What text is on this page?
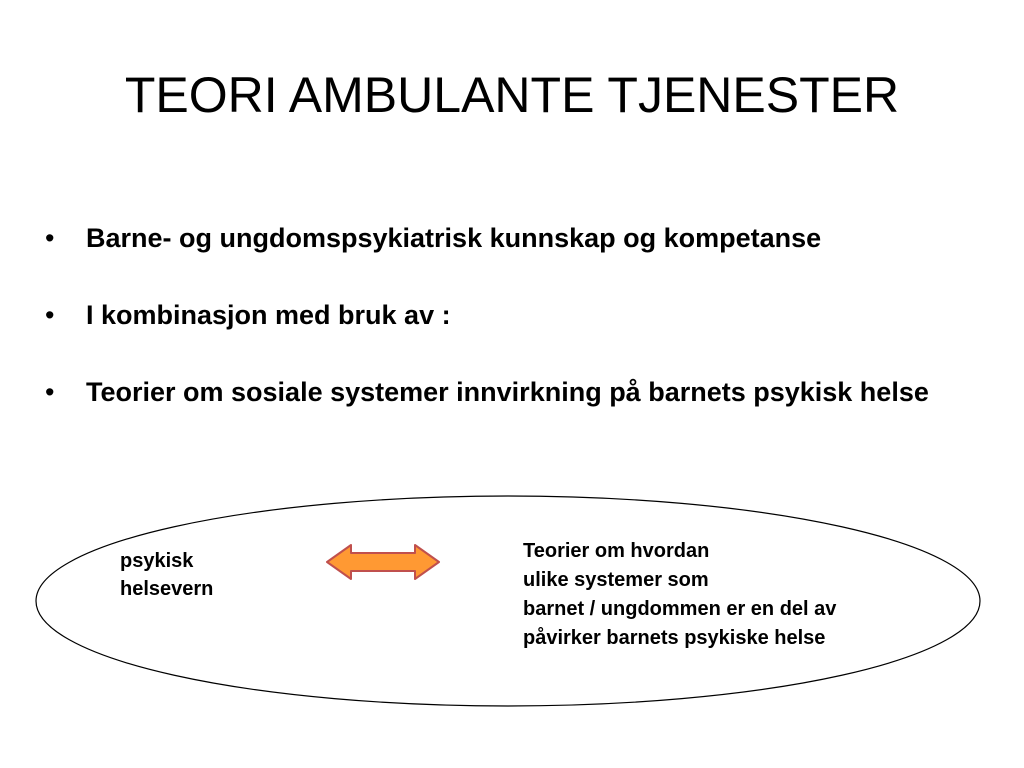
TEORI AMBULANTE TJENESTER
• Barne- og ungdomspsykiatrisk kunnskap og kompetanse
• I kombinasjon med bruk av :
• Teorier om sosiale systemer innvirkning på barnets psykisk helse
psykisk
helsevern
Teorier om hvordan
ulike systemer som
barnet / ungdommen er en del av
påvirker barnets psykiske helse
